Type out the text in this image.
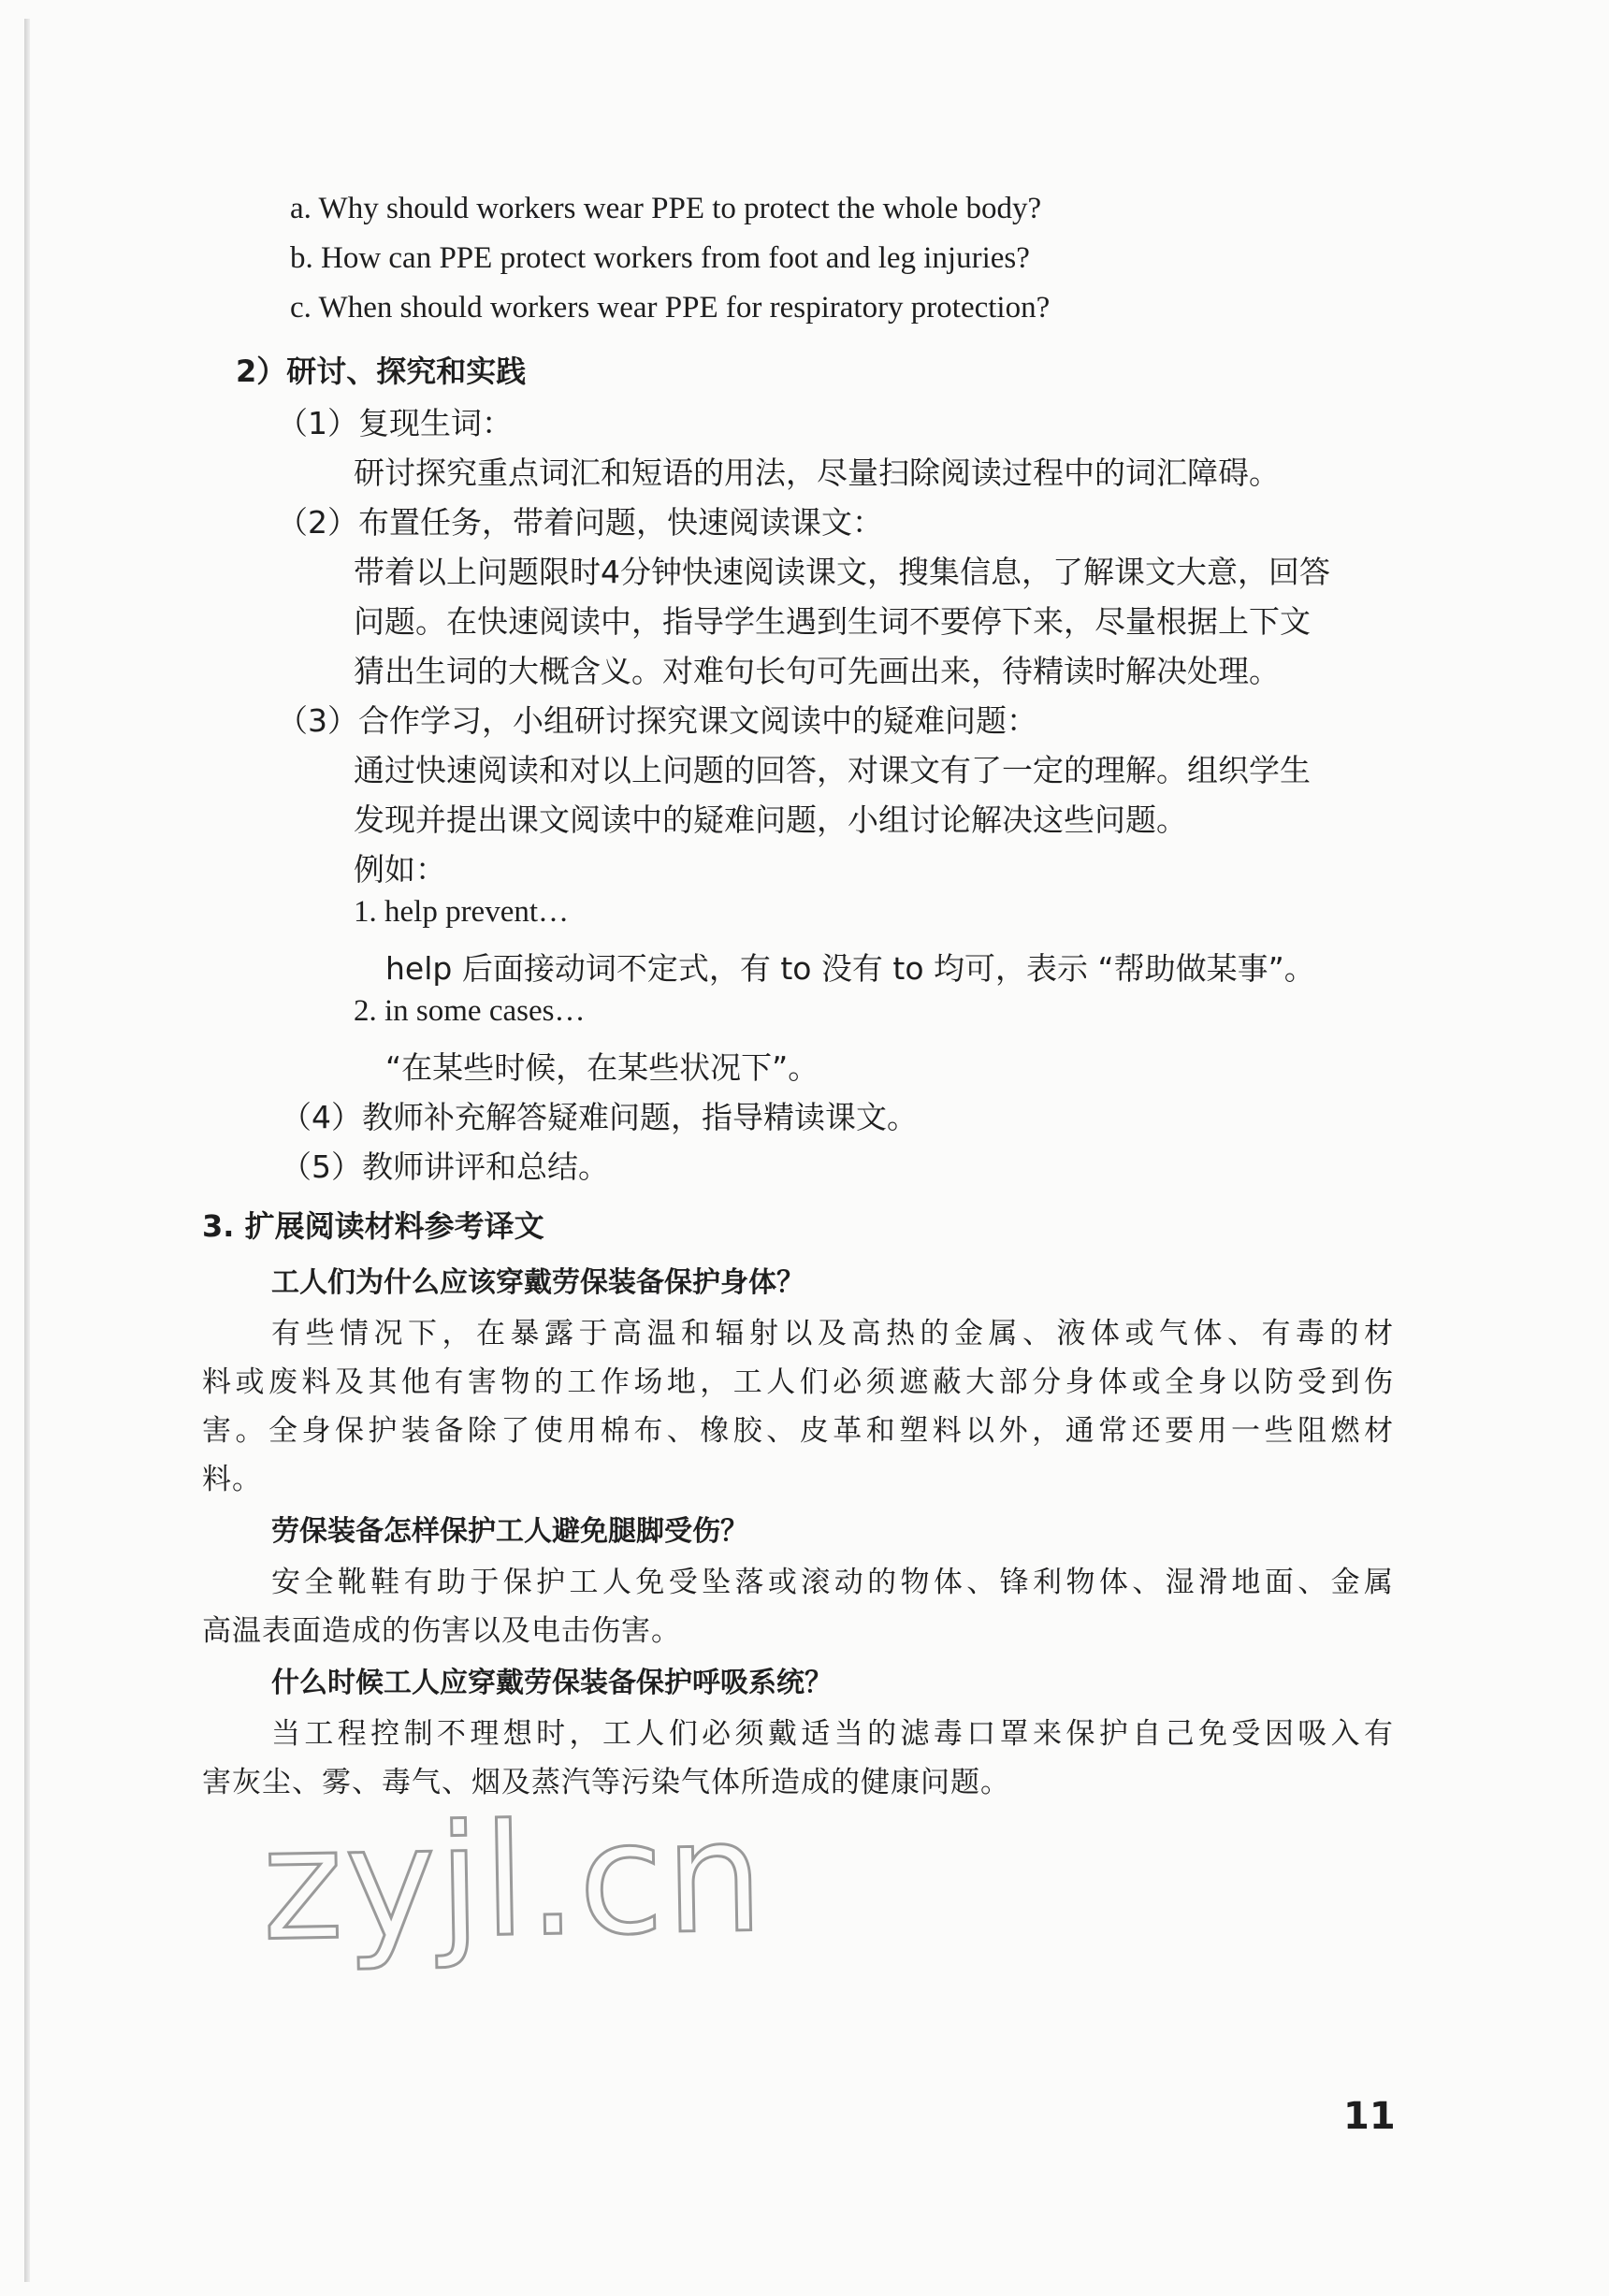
a. Why should workers wear PPE to protect the whole body?
b. How can PPE protect workers from foot and leg injuries?
c. When should workers wear PPE for respiratory protection?
2）研讨、探究和实践
（1）复现生词：
研讨探究重点词汇和短语的用法，尽量扫除阅读过程中的词汇障碍。
（2）布置任务，带着问题，快速阅读课文：
带着以上问题限时4分钟快速阅读课文，搜集信息，了解课文大意，回答
问题。在快速阅读中，指导学生遇到生词不要停下来，尽量根据上下文
猜出生词的大概含义。对难句长句可先画出来，待精读时解决处理。
（3）合作学习，小组研讨探究课文阅读中的疑难问题：
通过快速阅读和对以上问题的回答，对课文有了一定的理解。组织学生
发现并提出课文阅读中的疑难问题，小组讨论解决这些问题。
例如：
1. help prevent…
help 后面接动词不定式，有 to 没有 to 均可，表示 “帮助做某事”。
2. in some cases…
“在某些时候，在某些状况下”。
（4）教师补充解答疑难问题，指导精读课文。
（5）教师讲评和总结。
3. 扩展阅读材料参考译文
工人们为什么应该穿戴劳保装备保护身体？
有些情况下，在暴露于高温和辐射以及高热的金属、液体或气体、有毒的材
料或废料及其他有害物的工作场地，工人们必须遮蔽大部分身体或全身以防受到伤
害。全身保护装备除了使用棉布、橡胶、皮革和塑料以外，通常还要用一些阻燃材
料。
劳保装备怎样保护工人避免腿脚受伤？
安全靴鞋有助于保护工人免受坠落或滚动的物体、锋利物体、湿滑地面、金属
高温表面造成的伤害以及电击伤害。
什么时候工人应穿戴劳保装备保护呼吸系统？
当工程控制不理想时，工人们必须戴适当的滤毒口罩来保护自己免受因吸入有
害灰尘、雾、毒气、烟及蒸汽等污染气体所造成的健康问题。
zyjl.cn
11
